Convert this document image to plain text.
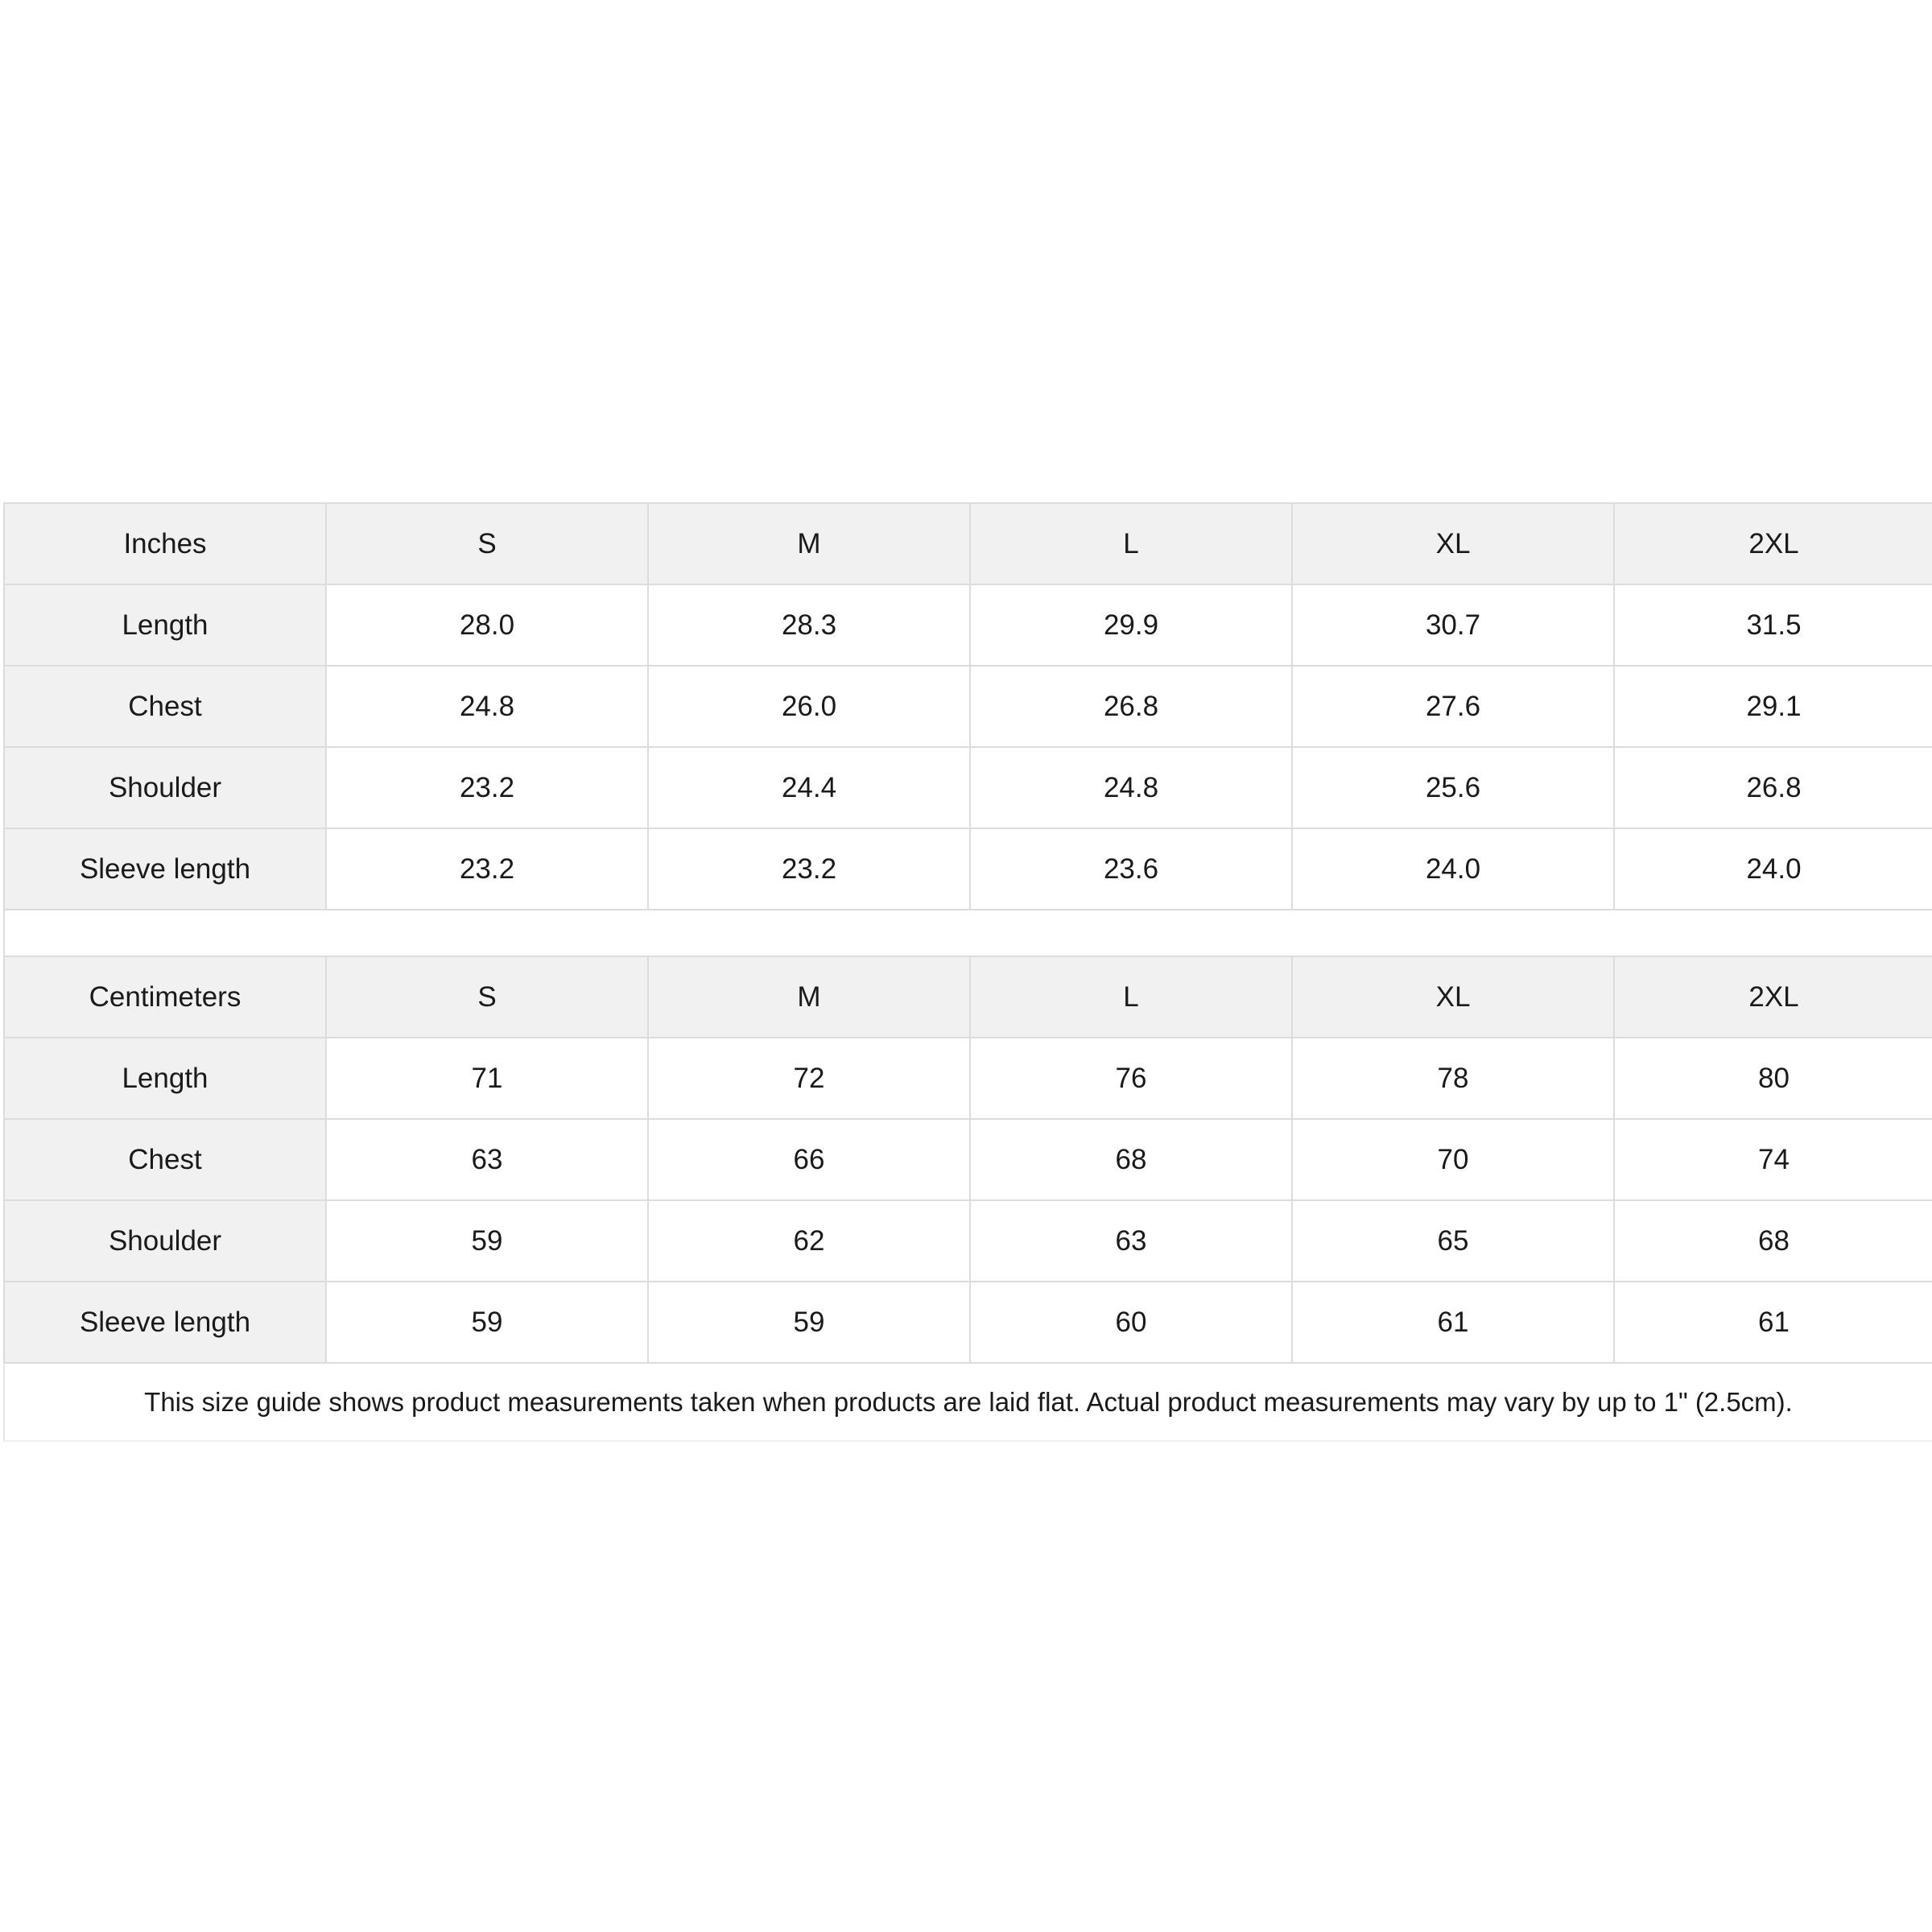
Inches	S	M	L	XL	2XL
Length	28.0	28.3	29.9	30.7	31.5
Chest	24.8	26.0	26.8	27.6	29.1
Shoulder	23.2	24.4	24.8	25.6	26.8
Sleeve length	23.2	23.2	23.6	24.0	24.0
Centimeters	S	M	L	XL	2XL
Length	71	72	76	78	80
Chest	63	66	68	70	74
Shoulder	59	62	63	65	68
Sleeve length	59	59	60	61	61
This size guide shows product measurements taken when products are laid flat. Actual product measurements may vary by up to 1" (2.5cm).
